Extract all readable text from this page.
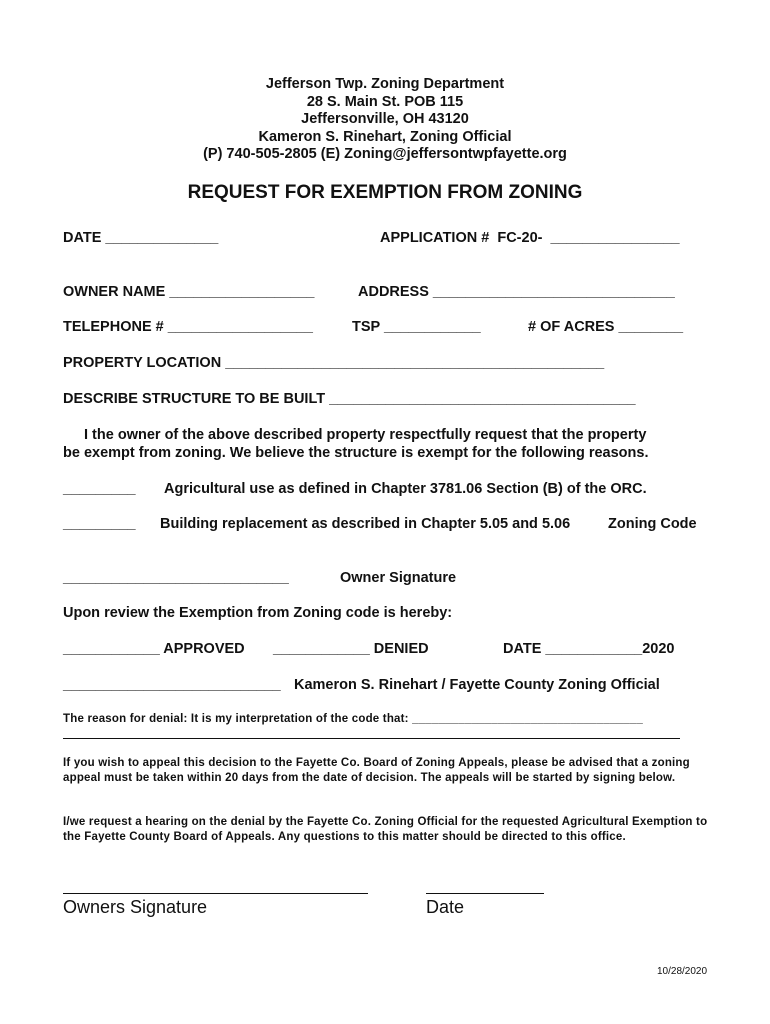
Jefferson Twp. Zoning Department
28 S. Main St. POB 115
Jeffersonville, OH 43120
Kameron S. Rinehart, Zoning Official
(P) 740-505-2805 (E) Zoning@jeffersontwpfayette.org
REQUEST FOR EXEMPTION FROM ZONING
DATE ______________	APPLICATION #  FC-20-  ________________
OWNER NAME __________________	ADDRESS ______________________________
TELEPHONE # __________________	TSP ____________	# OF ACRES ________
PROPERTY LOCATION _______________________________________________
DESCRIBE STRUCTURE TO BE BUILT ______________________________________
I the owner of the above described property respectfully request that the property
be exempt from zoning. We believe the structure is exempt for the following reasons.
_________ Agricultural use as defined in Chapter 3781.06 Section (B) of the ORC.
_________ Building replacement as described in Chapter 5.05 and 5.06	Zoning Code
____________________________	Owner Signature
Upon review the Exemption from Zoning code is hereby:
____________ APPROVED ____________ DENIED	DATE ____________2020
___________________________ Kameron S. Rinehart / Fayette County Zoning Official
The reason for denial: It is my interpretation of the code that: ___________________________________
If you wish to appeal this decision to the Fayette Co. Board of Zoning Appeals, please be advised that a zoning appeal must be taken within 20 days from the date of decision. The appeals will be started by signing below.
I/we request a hearing on the denial by the Fayette Co. Zoning Official for the requested Agricultural Exemption to the Fayette County Board of Appeals. Any questions to this matter should be directed to this office.
Owners Signature	Date
10/28/2020
